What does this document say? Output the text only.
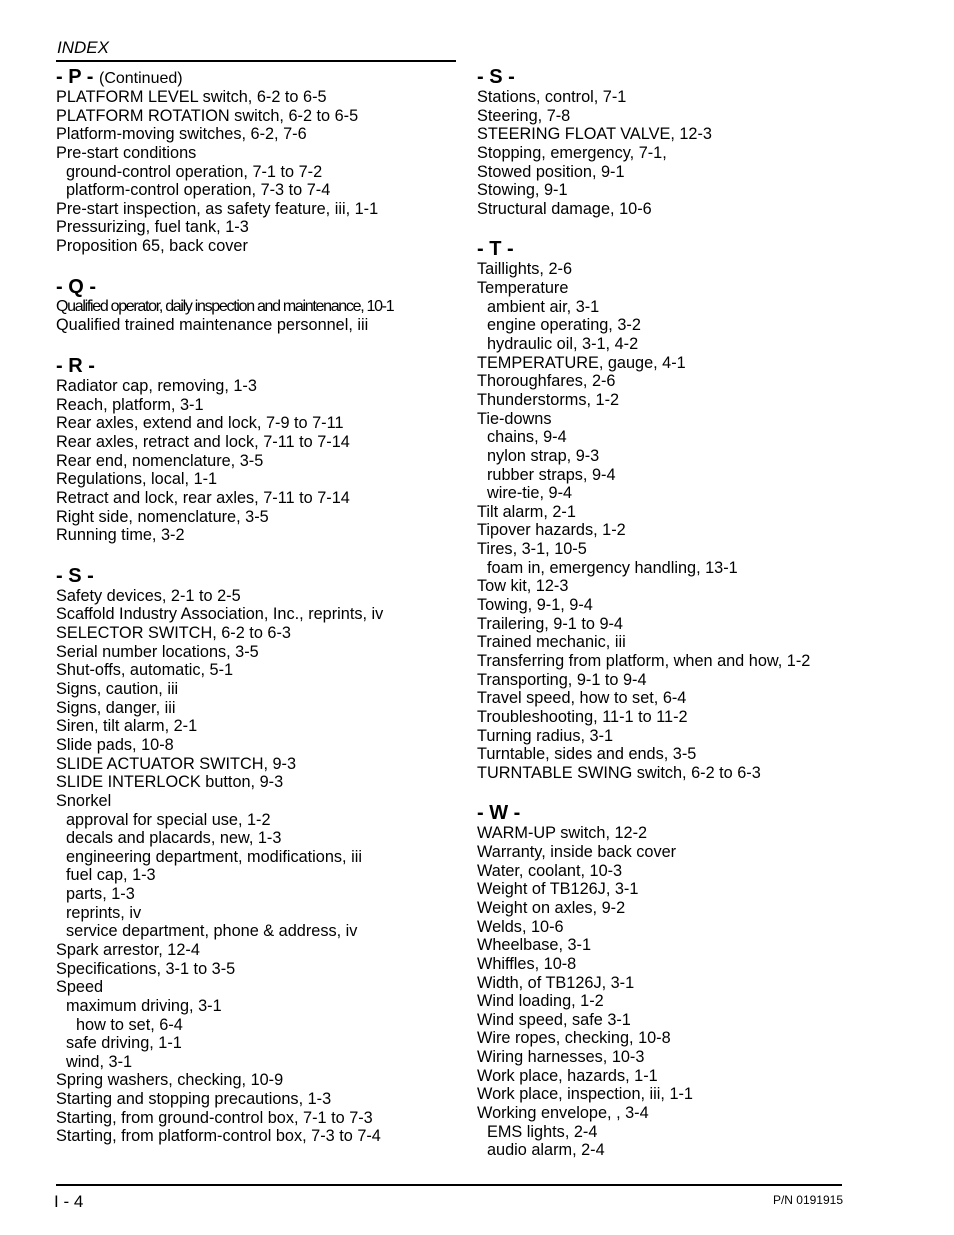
INDEX
- P - (Continued)
PLATFORM LEVEL switch, 6-2 to 6-5
PLATFORM ROTATION switch, 6-2 to 6-5
Platform-moving switches, 6-2, 7-6
Pre-start conditions
ground-control operation, 7-1 to 7-2
platform-control operation, 7-3 to 7-4
Pre-start inspection, as safety feature, iii, 1-1
Pressurizing, fuel tank, 1-3
Proposition 65, back cover
- Q -
Qualified operator, daily inspection and maintenance, 10-1
Qualified trained maintenance personnel, iii
- R -
Radiator cap, removing, 1-3
Reach, platform, 3-1
Rear axles, extend and lock, 7-9 to 7-11
Rear axles, retract and lock, 7-11 to 7-14
Rear end, nomenclature, 3-5
Regulations, local, 1-1
Retract and lock, rear axles, 7-11 to 7-14
Right side, nomenclature, 3-5
Running time, 3-2
- S -
Safety devices, 2-1 to 2-5
Scaffold Industry Association, Inc., reprints, iv
SELECTOR SWITCH, 6-2 to 6-3
Serial number locations, 3-5
Shut-offs, automatic, 5-1
Signs, caution, iii
Signs, danger, iii
Siren, tilt alarm, 2-1
Slide pads, 10-8
SLIDE ACTUATOR SWITCH, 9-3
SLIDE INTERLOCK button, 9-3
Snorkel
approval for special use, 1-2
decals and placards, new, 1-3
engineering department, modifications, iii
fuel cap, 1-3
parts, 1-3
reprints, iv
service department, phone & address, iv
Spark arrestor, 12-4
Specifications, 3-1 to 3-5
Speed
maximum driving, 3-1
how to set, 6-4
safe driving, 1-1
wind, 3-1
Spring washers, checking, 10-9
Starting and stopping precautions, 1-3
Starting, from ground-control box, 7-1 to 7-3
Starting, from platform-control box, 7-3 to 7-4
- S -
Stations, control, 7-1
Steering, 7-8
STEERING FLOAT VALVE, 12-3
Stopping, emergency, 7-1,
Stowed position, 9-1
Stowing, 9-1
Structural damage, 10-6
- T -
Taillights, 2-6
Temperature
ambient air, 3-1
engine operating, 3-2
hydraulic oil, 3-1, 4-2
TEMPERATURE, gauge, 4-1
Thoroughfares, 2-6
Thunderstorms, 1-2
Tie-downs
chains, 9-4
nylon strap, 9-3
rubber straps, 9-4
wire-tie, 9-4
Tilt alarm, 2-1
Tipover hazards, 1-2
Tires, 3-1, 10-5
foam in, emergency handling, 13-1
Tow kit, 12-3
Towing, 9-1, 9-4
Trailering, 9-1 to 9-4
Trained mechanic, iii
Transferring from platform, when and how, 1-2
Transporting, 9-1 to 9-4
Travel speed, how to set, 6-4
Troubleshooting, 11-1 to 11-2
Turning radius, 3-1
Turntable, sides and ends, 3-5
TURNTABLE SWING switch, 6-2 to 6-3
- W -
WARM-UP switch, 12-2
Warranty, inside back cover
Water, coolant, 10-3
Weight of TB126J, 3-1
Weight on axles, 9-2
Welds, 10-6
Wheelbase, 3-1
Whiffles, 10-8
Width, of TB126J, 3-1
Wind loading, 1-2
Wind speed, safe 3-1
Wire ropes, checking, 10-8
Wiring harnesses, 10-3
Work place, hazards, 1-1
Work place, inspection, iii, 1-1
Working envelope, , 3-4
EMS lights, 2-4
audio alarm, 2-4
I - 4	P/N 0191915
